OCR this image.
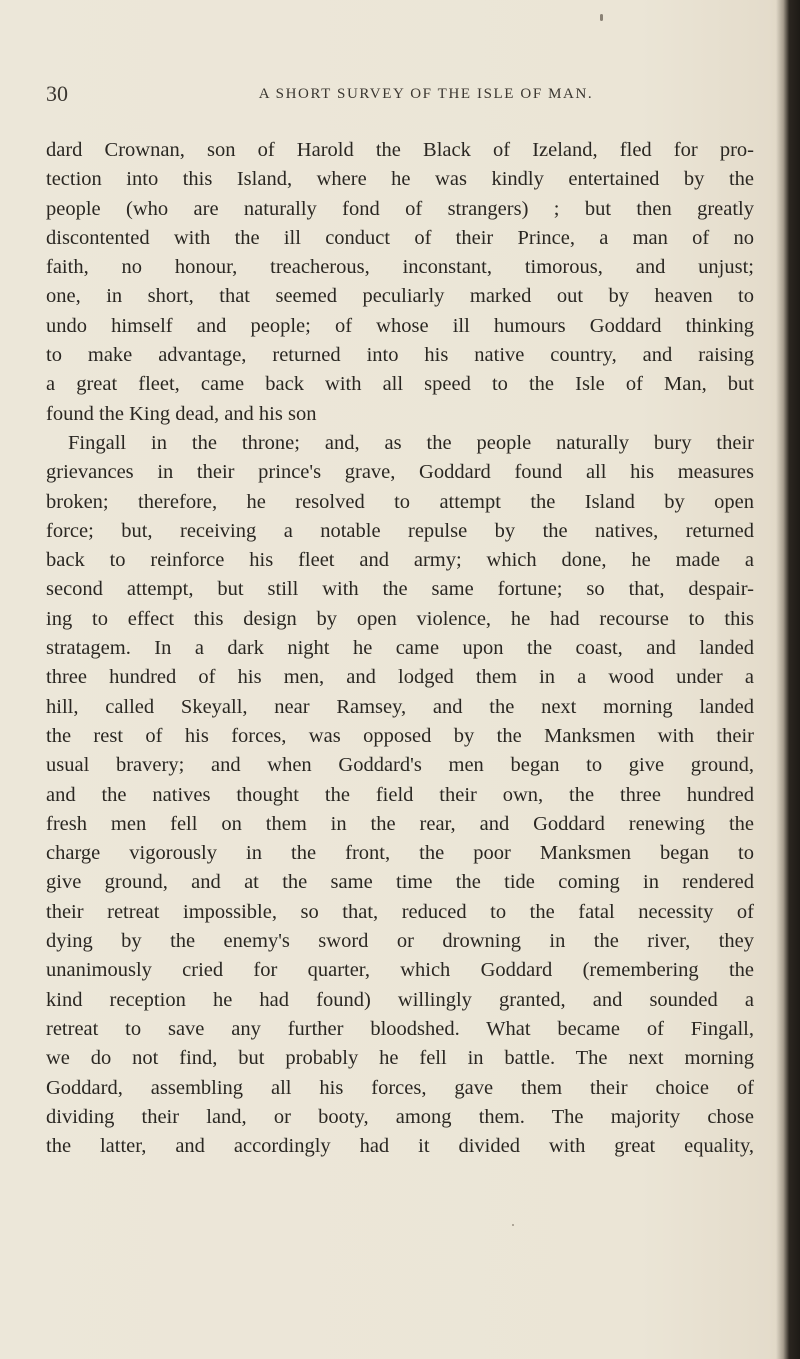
30	A SHORT SURVEY OF THE ISLE OF MAN.
dard Crownan, son of Harold the Black of Izeland, fled for pro-
tection into this Island, where he was kindly entertained by the
people (who are naturally fond of strangers) ; but then greatly
discontented with the ill conduct of their Prince, a man of no
faith, no honour, treacherous, inconstant, timorous, and unjust;
one, in short, that seemed peculiarly marked out by heaven to
undo himself and people; of whose ill humours Goddard thinking
to make advantage, returned into his native country, and raising
a great fleet, came back with all speed to the Isle of Man, but
found the King dead, and his son
Fingall in the throne; and, as the people naturally bury their
grievances in their prince's grave, Goddard found all his measures
broken; therefore, he resolved to attempt the Island by open
force; but, receiving a notable repulse by the natives, returned
back to reinforce his fleet and army; which done, he made a
second attempt, but still with the same fortune; so that, despair-
ing to effect this design by open violence, he had recourse to this
stratagem. In a dark night he came upon the coast, and landed
three hundred of his men, and lodged them in a wood under a
hill, called Skeyall, near Ramsey, and the next morning landed
the rest of his forces, was opposed by the Manksmen with their
usual bravery; and when Goddard's men began to give ground,
and the natives thought the field their own, the three hundred
fresh men fell on them in the rear, and Goddard renewing the
charge vigorously in the front, the poor Manksmen began to
give ground, and at the same time the tide coming in rendered
their retreat impossible, so that, reduced to the fatal necessity of
dying by the enemy's sword or drowning in the river, they
unanimously cried for quarter, which Goddard (remembering the
kind reception he had found) willingly granted, and sounded a
retreat to save any further bloodshed. What became of Fingall,
we do not find, but probably he fell in battle. The next morning
Goddard, assembling all his forces, gave them their choice of
dividing their land, or booty, among them. The majority chose
the latter, and accordingly had it divided with great equality,
